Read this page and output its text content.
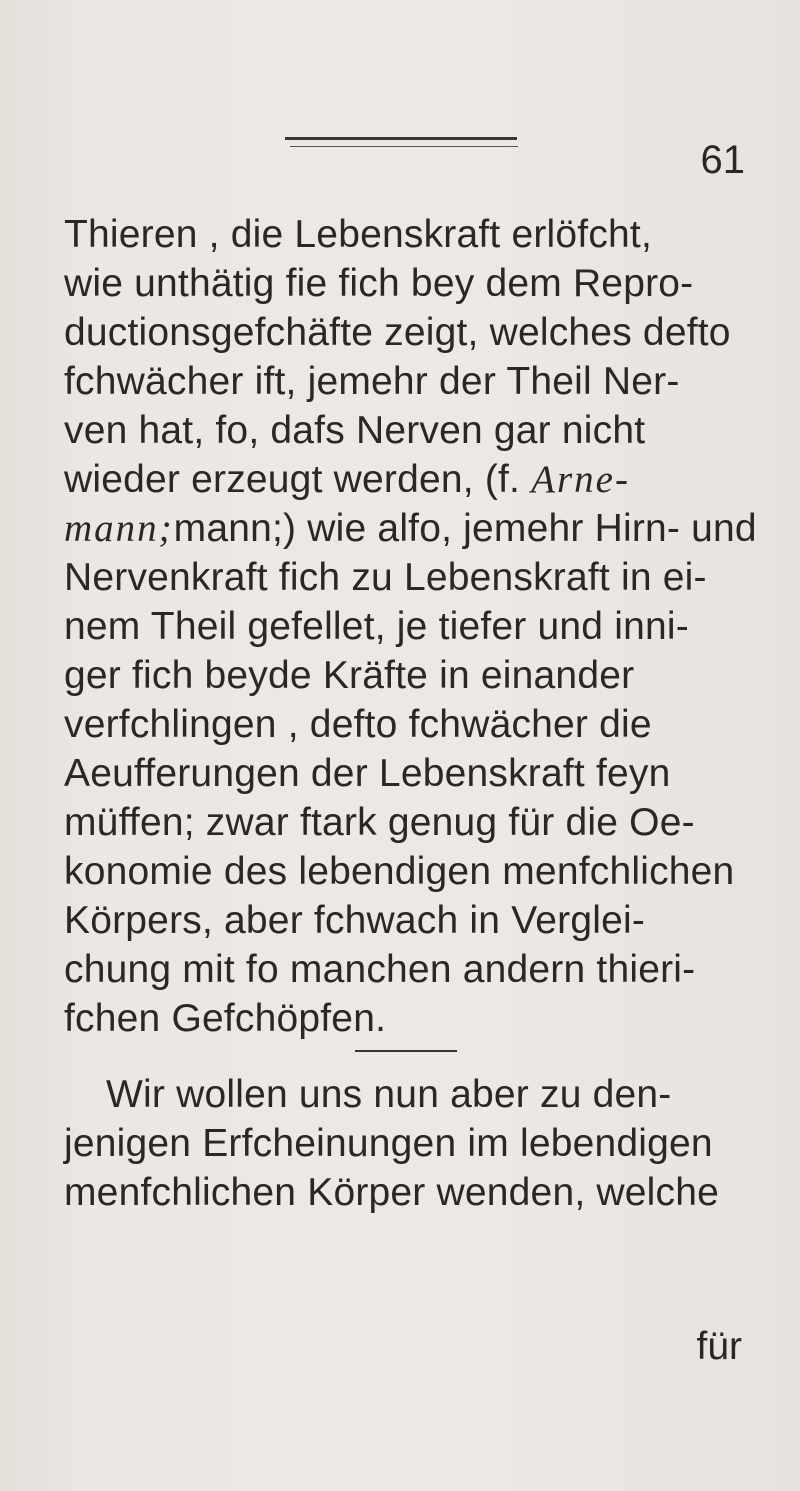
61
Thieren , die Lebenskraft erlöfcht,
wie unthätig fie fich bey dem Repro-
ductionsgefchäfte zeigt, welches defto
fchwächer ift, jemehr der Theil Ner-
ven hat, fo, dafs Nerven gar nicht
wieder erzeugt werden, (f. Arne-
mann;mann;) wie alfo, jemehr Hirn- und
Nervenkraft fich zu Lebenskraft in ei-
nem Theil gefellet, je tiefer und inni-
ger fich beyde Kräfte in einander
verfchlingen , defto fchwächer die
Aeufferungen der Lebenskraft feyn
müffen; zwar ftark genug für die Oe-
konomie des lebendigen menfchlichen
Körpers, aber fchwach in Verglei-
chung mit fo manchen andern thieri-
fchen Gefchöpfen.
Wir wollen uns nun aber zu den-
jenigen Erfcheinungen im lebendigen
menfchlichen Körper wenden, welche
für
